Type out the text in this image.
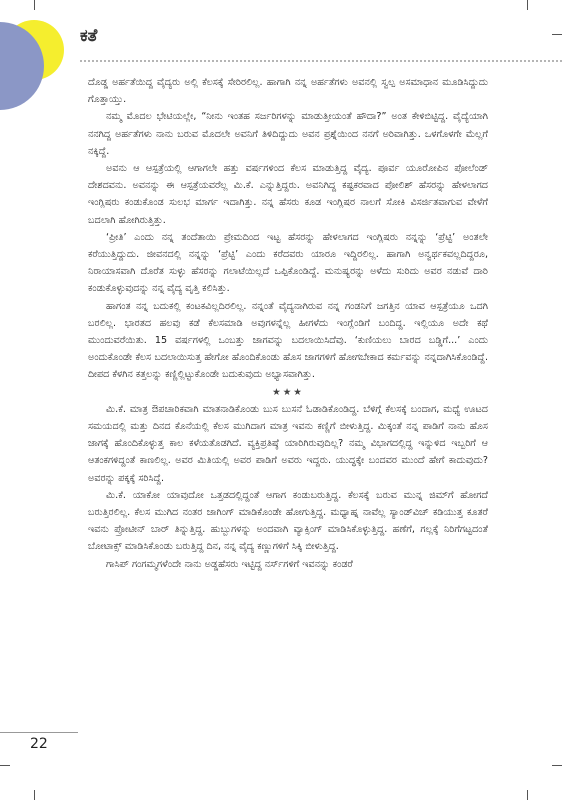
ಕತೆ

ದೊಡ್ಡ ಅರ್ಹತೆಯಿದ್ದ ವೈದ್ಯರು ಅಲ್ಲಿ ಕೆಲಸಕ್ಕೆ ಸೇರಿರಲಿಲ್ಲ. ಹಾಗಾಗಿ ನನ್ನ ಅರ್ಹತೆಗಳು ಅವನಲ್ಲಿ ಸ್ವಲ್ಪ ಅಸಮಾಧಾನ ಮೂಡಿಸಿದ್ದುದು ಗೊತ್ತಾಯ್ತು.

ನಮ್ಮ ಮೊದಲ ಭೇಟಿಯಲ್ಲೇ, “ನೀನು ಇಂತಹ ಸರ್ಜರಿಗಳನ್ನು ಮಾಡುತ್ತೀಯಂತೆ ಹೌದಾ?” ಅಂತ ಕೇಳಿಬಿಟ್ಟಿದ್ದ. ವೈದ್ಯೆಯಾಗಿ ನನಗಿದ್ದ ಅರ್ಹತೆಗಳು ನಾನು ಬರುವ ಮೊದಲೇ ಅವನಿಗೆ ತಿಳಿದಿದ್ದುದು ಅವನ ಪ್ರಶ್ನೆಯಿಂದ ನನಗೆ ಅರಿವಾಗಿತ್ತು. ಒಳಗೊಳಗೇ ಮೆಲ್ಲಗೆ ನಕ್ಕಿದ್ದೆ.

ಅವನು ಆ ಆಸ್ಪತ್ರೆಯಲ್ಲಿ ಆಗಾಗಲೇ ಹತ್ತು ವರ್ಷಗಳಿಂದ ಕೆಲಸ ಮಾಡುತ್ತಿದ್ದ ವೈದ್ಯ. ಪೂರ್ವ ಯೂರೋಪಿನ ಪೋಲೆಂಡ್ ದೇಶದವನು. ಅವನನ್ನು ಈ ಆಸ್ಪತ್ರೆಯವರೆಲ್ಲ ಮಿ.ಕೆ. ಎನ್ನುತ್ತಿದ್ದರು. ಅವನಿಗಿದ್ದ ಕಷ್ಟಕರವಾದ ಪೋಲಿಶ್ ಹೆಸರನ್ನು ಹೇಳಲಾಗದ ಇಂಗ್ಲಿಷರು ಕಂಡುಕೊಂಡ ಸುಲಭ ಮಾರ್ಗ ಇದಾಗಿತ್ತು. ನನ್ನ ಹೆಸರು ಕೂಡ ಇಂಗ್ಲಿಷರ ನಾಲಗೆ ಸೋಕಿ ವಿಸರ್ಜಿತವಾಗುವ ವೇಳೆಗೆ ಬದಲಾಗಿ ಹೋಗಿರುತ್ತಿತ್ತು.

‘ಪ್ರೀತಿ’ ಎಂದು ನನ್ನ ತಂದೆತಾಯಿ ಪ್ರೇಮದಿಂದ ಇಟ್ಟ ಹೆಸರನ್ನು ಹೇಳಲಾಗದ ಇಂಗ್ಲಿಷರು ನನ್ನನ್ನು ‘ಪ್ರೆಟ್ಟಿ’ ಅಂತಲೇ ಕರೆಯುತ್ತಿದ್ದುದು. ಜೀವನದಲ್ಲಿ ನನ್ನನ್ನು ‘ಪ್ರೆಟ್ಟಿ’ ಎಂದು ಕರೆದವರು ಯಾರೂ ಇದ್ದಿರಲಿಲ್ಲ. ಹಾಗಾಗಿ ಅನ್ವರ್ಥಕವಲ್ಲದಿದ್ದರೂ, ನಿರಾಯಾಸವಾಗಿ ದೊರೆತ ಸುಳ್ಳು ಹೆಸರನ್ನು ಗಲಾಟೆಯಿಲ್ಲದೆ ಒಪ್ಪಿಕೊಂಡಿದ್ದೆ. ಮನುಷ್ಯರನ್ನು ಅಳೆದು ಸುರಿದು ಅವರ ನಡುವೆ ದಾರಿ ಕಂಡುಕೊಳ್ಳುವುದನ್ನು ನನ್ನ ವೈದ್ಯ ವೃತ್ತಿ ಕಲಿಸಿತ್ತು.

ಹಾಗಂತ ನನ್ನ ಬದುಕಲ್ಲಿ ಕಂಟಕವಿಲ್ಲದಿರಲಿಲ್ಲ. ನನ್ನಂತೆ ವೈದ್ಯನಾಗಿರುವ ನನ್ನ ಗಂಡನಿಗೆ ಜಗತ್ತಿನ ಯಾವ ಆಸ್ಪತ್ರೆಯೂ ಒದಗಿ ಬರಲಿಲ್ಲ. ಭಾರತದ ಹಲವು ಕಡೆ ಕೆಲಸಮಾಡಿ ಅವುಗಳನ್ನೆಲ್ಲ ಹೀಗಳೆದು ಇಂಗ್ಲೆಂಡಿಗೆ ಬಂದಿದ್ದ. ಇಲ್ಲಿಯೂ ಅದೇ ಕಥೆ ಮುಂದುವರೆಯಿತು. 15 ವರ್ಷಗಳಲ್ಲಿ ಒಂಬತ್ತು ಜಾಗವನ್ನು ಬದಲಾಯಿಸಿದೆವು. ‘ಕುಣಿಯಲು ಬಾರದ ಬಡ್ಡಿಗೆ...’ ಎಂದು ಅಂದುಕೊಂಡೇ ಕೆಲಸ ಬದಲಾಯಿಸುತ್ತ ಹೇಗೋ ಹೊಂದಿಕೊಂಡು ಹೊಸ ಜಾಗಗಳಿಗೆ ಹೋಗಬೇಕಾದ ಕರ್ಮವನ್ನು ನನ್ನದಾಗಿಸಿಕೊಂಡಿದ್ದೆ. ದೀಪದ ಕೆಳಗಿನ ಕತ್ತಲನ್ನು ಕಣ್ಣಿಲ್ಲಿಟ್ಟುಕೊಂಡೇ ಬದುಕುವುದು ಅಭ್ಯಾಸವಾಗಿತ್ತು.

★★★

ಮಿ.ಕೆ. ಮಾತ್ರ ಔಪಚಾರಿಕವಾಗಿ ಮಾತನಾಡಿಕೊಂಡು ಬುಸ ಬುಸನೆ ಓಡಾಡಿಕೊಂಡಿದ್ದ. ಬೆಳಿಗ್ಗೆ ಕೆಲಸಕ್ಕೆ ಬಂದಾಗ, ಮಧ್ಯೆ ಊಟದ ಸಮಯದಲ್ಲಿ ಮತ್ತು ದಿನದ ಕೊನೆಯಲ್ಲಿ ಕೆಲಸ ಮುಗಿದಾಗ ಮಾತ್ರ ಇವನು ಕಣ್ಣಿಗೆ ಬೀಳುತ್ತಿದ್ದ. ಮಿಕ್ಕಂತೆ ನನ್ನ ಪಾಡಿಗೆ ನಾನು ಹೊಸ ಜಾಗಕ್ಕೆ ಹೊಂದಿಕೊಳ್ಳುತ್ತ ಕಾಲ ಕಳೆಯತೊಡಗಿದೆ. ವ್ಯಕ್ತಿಪ್ರತಿಷ್ಠೆ ಯಾರಿಗಿರುವುದಿಲ್ಲ? ನಮ್ಮ ವಿಭಾಗದಲ್ಲಿದ್ದ ಇನ್ನುಳಿದ ಇಬ್ಬರಿಗೆ ಆ ಆತಂಕಗಳಿದ್ದಂತೆ ಕಾಣಲಿಲ್ಲ. ಅವರ ಮಿತಿಯಲ್ಲಿ ಅವರ ಪಾಡಿಗೆ ಅವರು ಇದ್ದರು. ಯುದ್ಧಕ್ಕೇ ಬಂದವರ ಮುಂದೆ ಹೇಗೆ ಕಾದುವುದು? ಅವರನ್ನು ಪಕ್ಕಕ್ಕೆ ಸರಿಸಿದ್ದೆ.

ಮಿ.ಕೆ. ಯಾಕೋ ಯಾವುದೋ ಒತ್ತಡದಲ್ಲಿದ್ದಂತೆ ಆಗಾಗ ಕಂಡುಬರುತ್ತಿದ್ದ. ಕೆಲಸಕ್ಕೆ ಬರುವ ಮುನ್ನ ಜಿಮ್‌ಗೆ ಹೋಗದೆ ಬರುತ್ತಿರಲಿಲ್ಲ. ಕೆಲಸ ಮುಗಿದ ನಂತರ ಜಾಗಿಂಗ್ ಮಾಡಿಕೊಂಡೇ ಹೋಗುತ್ತಿದ್ದ. ಮಧ್ಯಾಹ್ನ ನಾವೆಲ್ಲ ಸ್ಯಾಂಡ್‌ವಿಚ್ ಕಡಿಯುತ್ತ ಕೂತರೆ ಇವನು ಪ್ರೋಟೀನ್ ಬಾರ್ ತಿನ್ನುತ್ತಿದ್ದ. ಹುಬ್ಬುಗಳನ್ನು ಅಂದವಾಗಿ ವ್ಯಾಕ್ಸಿಂಗ್ ಮಾಡಿಸಿಕೊಳ್ಳುತ್ತಿದ್ದ. ಹಣೆಗೆ, ಗಲ್ಲಕ್ಕೆ ನಿರಿಗೆಗಟ್ಟದಂತೆ ಬೋಟಾಕ್ಸ್ ಮಾಡಿಸಿಕೊಂಡು ಬರುತ್ತಿದ್ದ ದಿನ, ನನ್ನ ವೈದ್ಯ ಕಣ್ಣುಗಳಿಗೆ ಸಿಕ್ಕಿ ಬೀಳುತ್ತಿದ್ದ.

ಗಾಸಿಪ್ ಗಂಗಮ್ಮಗಳೆಂದೇ ನಾನು ಅಡ್ಡಹೆಸರು ಇಟ್ಟಿದ್ದ ನರ್ಸ್‌ಗಳಿಗೆ ಇವನನ್ನು ಕಂಡರೆ

22
